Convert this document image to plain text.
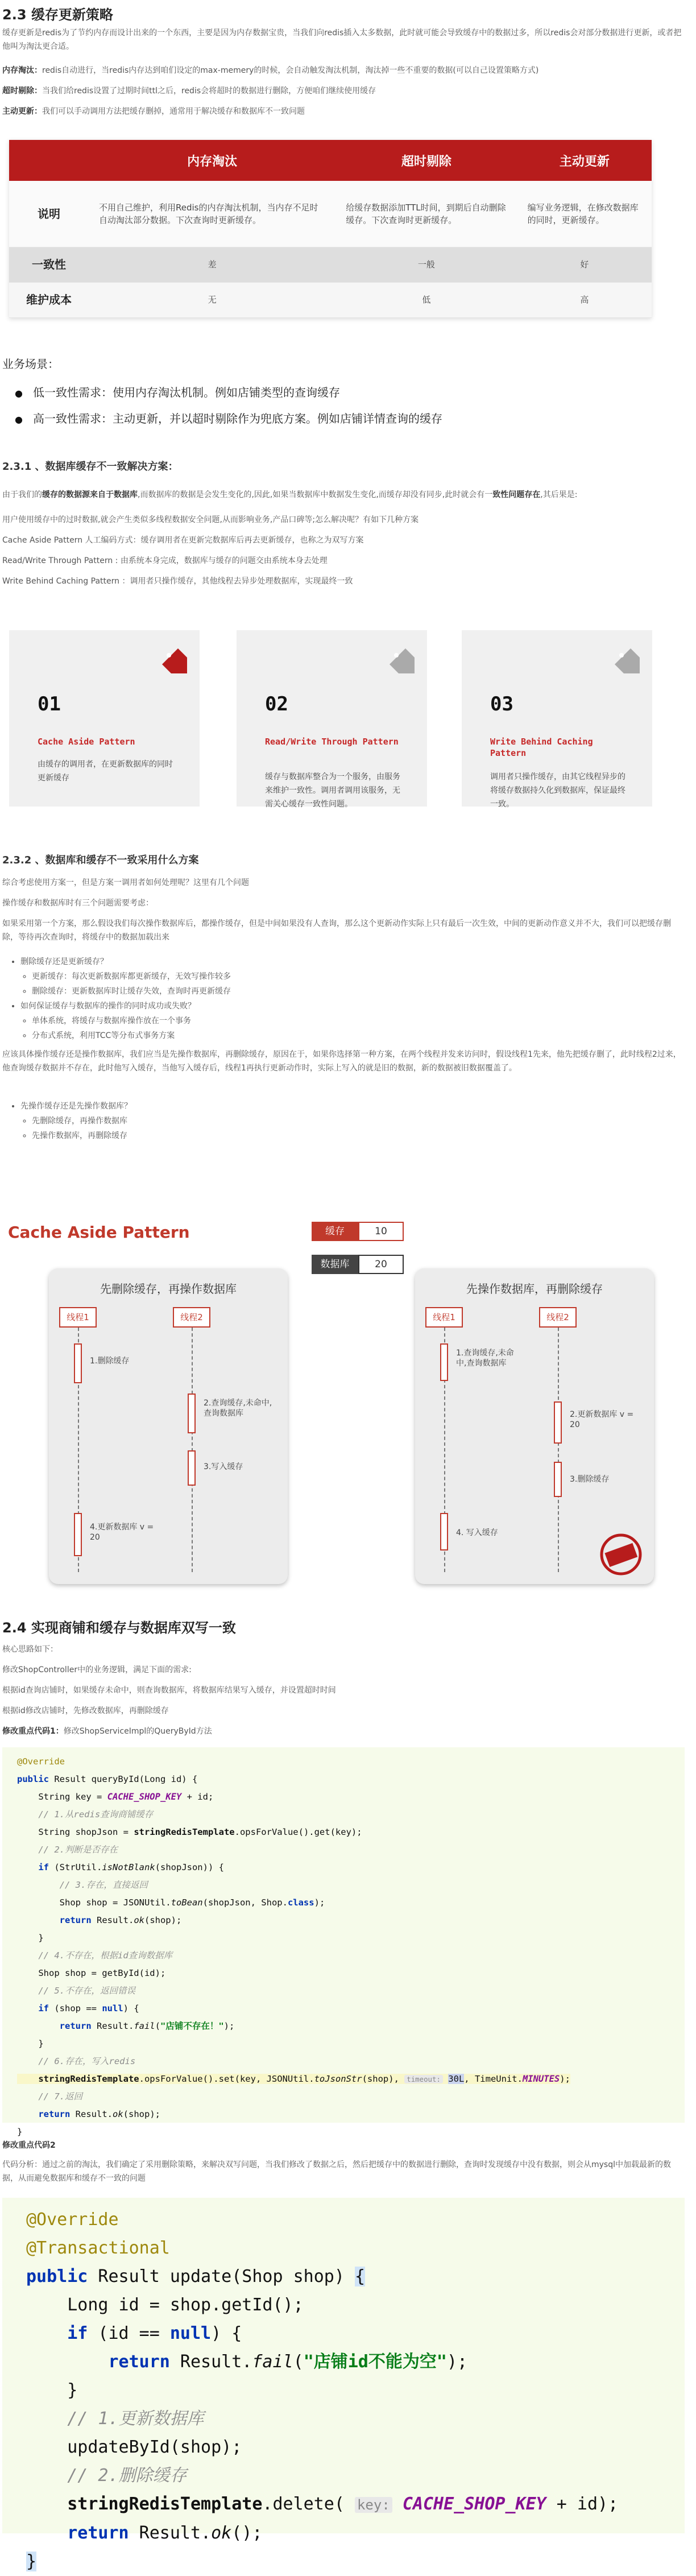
2.3 缓存更新策略

缓存更新是redis为了节约内存而设计出来的一个东西，主要是因为内存数据宝贵，当我们向redis插入太多数据，此时就可能会导致缓存中的数据过多，所以redis会对部分数据进行更新，或者把他叫为淘汰更合适。

内存淘汰：redis自动进行，当redis内存达到咱们设定的max-memery的时候，会自动触发淘汰机制，淘汰掉一些不重要的数据(可以自己设置策略方式)

超时剔除：当我们给redis设置了过期时间ttl之后，redis会将超时的数据进行删除，方便咱们继续使用缓存

主动更新：我们可以手动调用方法把缓存删掉，通常用于解决缓存和数据库不一致问题

	内存淘汰	超时剔除	主动更新
说明	不用自己维护，利用Redis的内存淘汰机制，当内存不足时自动淘汰部分数据。下次查询时更新缓存。	给缓存数据添加TTL时间，到期后自动删除缓存。下次查询时更新缓存。	编写业务逻辑，在修改数据库的同时，更新缓存。
一致性	差	一般	好
维护成本	无	低	高

业务场景：

● 低一致性需求：使用内存淘汰机制。例如店铺类型的查询缓存
● 高一致性需求：主动更新，并以超时剔除作为兜底方案。例如店铺详情查询的缓存
2.3.1 、数据库缓存不一致解决方案：

由于我们的缓存的数据源来自于数据库,而数据库的数据是会发生变化的,因此,如果当数据库中数据发生变化,而缓存却没有同步,此时就会有一致性问题存在,其后果是:

用户使用缓存中的过时数据,就会产生类似多线程数据安全问题,从而影响业务,产品口碑等;怎么解决呢？有如下几种方案

Cache Aside Pattern 人工编码方式：缓存调用者在更新完数据库后再去更新缓存，也称之为双写方案

Read/Write Through Pattern : 由系统本身完成，数据库与缓存的问题交由系统本身去处理

Write Behind Caching Pattern ：调用者只操作缓存，其他线程去异步处理数据库，实现最终一致

01
Cache Aside Pattern
由缓存的调用者，在更新数据库的同时更新缓存
02
Read/Write Through Pattern
缓存与数据库整合为一个服务，由服务来维护一致性。调用者调用该服务，无需关心缓存一致性问题。
03
Write Behind Caching Pattern
调用者只操作缓存，由其它线程异步的将缓存数据持久化到数据库，保证最终一致。
2.3.2 、数据库和缓存不一致采用什么方案

综合考虑使用方案一，但是方案一调用者如何处理呢？这里有几个问题

操作缓存和数据库时有三个问题需要考虑：

如果采用第一个方案，那么假设我们每次操作数据库后，都操作缓存，但是中间如果没有人查询，那么这个更新动作实际上只有最后一次生效，中间的更新动作意义并不大，我们可以把缓存删除，等待再次查询时，将缓存中的数据加载出来

• 删除缓存还是更新缓存？
◦ 更新缓存：每次更新数据库都更新缓存，无效写操作较多
◦ 删除缓存：更新数据库时让缓存失效，查询时再更新缓存
• 如何保证缓存与数据库的操作的同时成功或失败？
◦ 单体系统，将缓存与数据库操作放在一个事务
◦ 分布式系统，利用TCC等分布式事务方案

应该具体操作缓存还是操作数据库，我们应当是先操作数据库，再删除缓存，原因在于，如果你选择第一种方案，在两个线程并发来访问时，假设线程1先来，他先把缓存删了，此时线程2过来，他查询缓存数据并不存在，此时他写入缓存，当他写入缓存后，线程1再执行更新动作时，实际上写入的就是旧的数据，新的数据被旧数据覆盖了。

• 先操作缓存还是先操作数据库？
◦ 先删除缓存，再操作数据库
◦ 先操作数据库，再删除缓存
Cache Aside Pattern	缓存	10
数据库	20
先删除缓存，再操作数据库
线程1	线程2
1.删除缓存
2.查询缓存,未命中,查询数据库
3.写入缓存
4.更新数据库 v = 20
先操作数据库，再删除缓存
线程1	线程2
1.查询缓存,未命中,查询数据库
2.更新数据库 v = 20
3.删除缓存
4. 写入缓存
2.4 实现商铺和缓存与数据库双写一致

核心思路如下：

修改ShopController中的业务逻辑，满足下面的需求:

根据id查询店铺时，如果缓存未命中，则查询数据库，将数据库结果写入缓存，并设置超时时间

根据id修改店铺时，先修改数据库，再删除缓存

修改重点代码1：修改ShopServiceImpl的QueryById方法

@Override
public Result queryById(Long id) {
String key = CACHE_SHOP_KEY + id;
// 1.从redis查询商铺缓存
String shopJson = stringRedisTemplate.opsForValue().get(key);
// 2.判断是否存在
if (StrUtil.isNotBlank(shopJson)) {
// 3.存在，直接返回
Shop shop = JSONUtil.toBean(shopJson, Shop.class);
return Result.ok(shop);
}
// 4.不存在，根据id查询数据库
Shop shop = getById(id);
// 5.不存在，返回错误
if (shop == null) {
return Result.fail("店铺不存在！");
}
// 6.存在，写入redis
stringRedisTemplate.opsForValue().set(key, JSONUtil.toJsonStr(shop), timeout: 30L, TimeUnit.MINUTES);
// 7.返回
return Result.ok(shop);
}

修改重点代码2

代码分析：通过之前的淘汰，我们确定了采用删除策略，来解决双写问题，当我们修改了数据之后，然后把缓存中的数据进行删除，查询时发现缓存中没有数据，则会从mysql中加载最新的数据，从而避免数据库和缓存不一致的问题

@Override
@Transactional
public Result update(Shop shop) {
Long id = shop.getId();
if (id == null) {
return Result.fail("店铺id不能为空");
}
// 1.更新数据库
updateById(shop);
// 2.删除缓存
stringRedisTemplate.delete( key: CACHE_SHOP_KEY + id);
return Result.ok();
}
